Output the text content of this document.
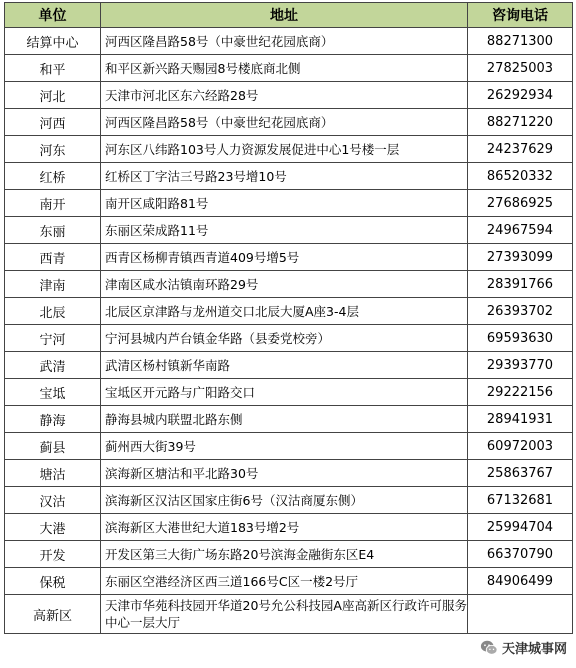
单位	地址	咨询电话
结算中心	河西区隆昌路58号（中豪世纪花园底商）	88271300
和平	和平区新兴路天赐园8号楼底商北侧	27825003
河北	天津市河北区东六经路28号	26292934
河西	河西区隆昌路58号（中豪世纪花园底商）	88271220
河东	河东区八纬路103号人力资源发展促进中心1号楼一层	24237629
红桥	红桥区丁字沽三号路23号增10号	86520332
南开	南开区咸阳路81号	27686925
东丽	东丽区荣成路11号	24967594
西青	西青区杨柳青镇西青道409号增5号	27393099
津南	津南区咸水沽镇南环路29号	28391766
北辰	北辰区京津路与龙州道交口北辰大厦A座3-4层	26393702
宁河	宁河县城内芦台镇金华路（县委党校旁）	69593630
武清	武清区杨村镇新华南路	29393770
宝坻	宝坻区开元路与广阳路交口	29222156
静海	静海县城内联盟北路东侧	28941931
蓟县	蓟州西大街39号	60972003
塘沽	滨海新区塘沽和平北路30号	25863767
汉沽	滨海新区汉沽区国家庄街6号（汉沽商厦东侧）	67132681
大港	滨海新区大港世纪大道183号增2号	25994704
开发	开发区第三大街广场东路20号滨海金融街东区E4	66370790
保税	东丽区空港经济区西三道166号C区一楼2号厅	84906499
高新区	天津市华苑科技园开华道20号允公科技园A座高新区行政许可服务中心一层大厅	
天津城事网
